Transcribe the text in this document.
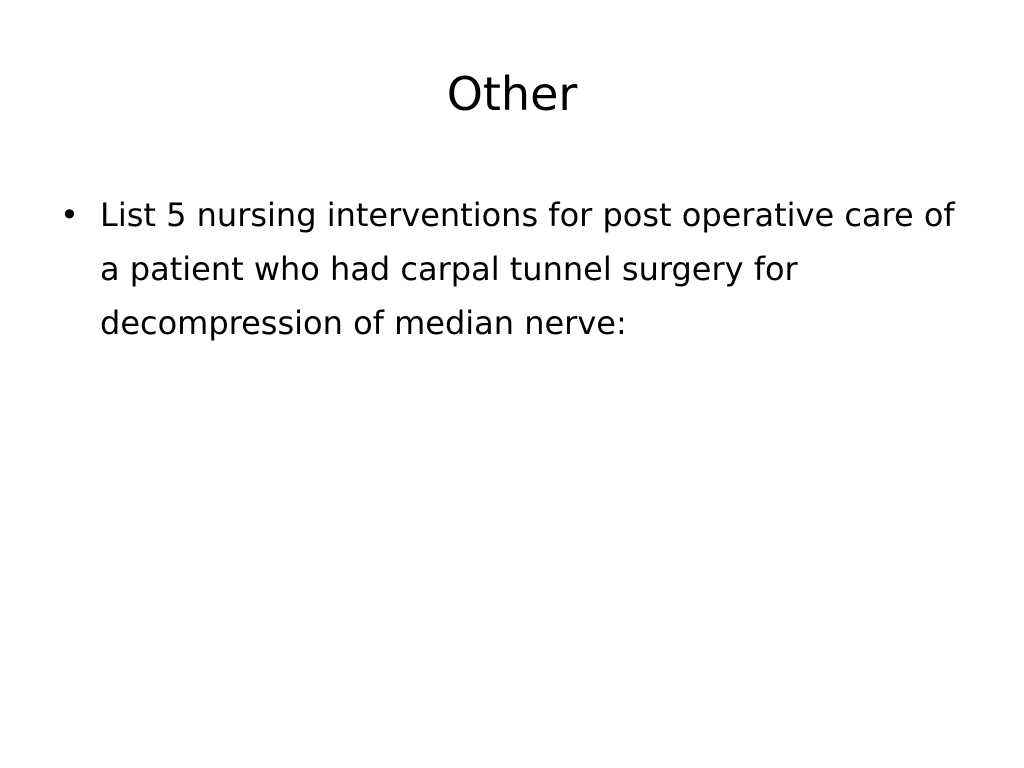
Other
• List 5 nursing interventions for post operative care of a patient who had carpal tunnel surgery for decompression of median nerve:
